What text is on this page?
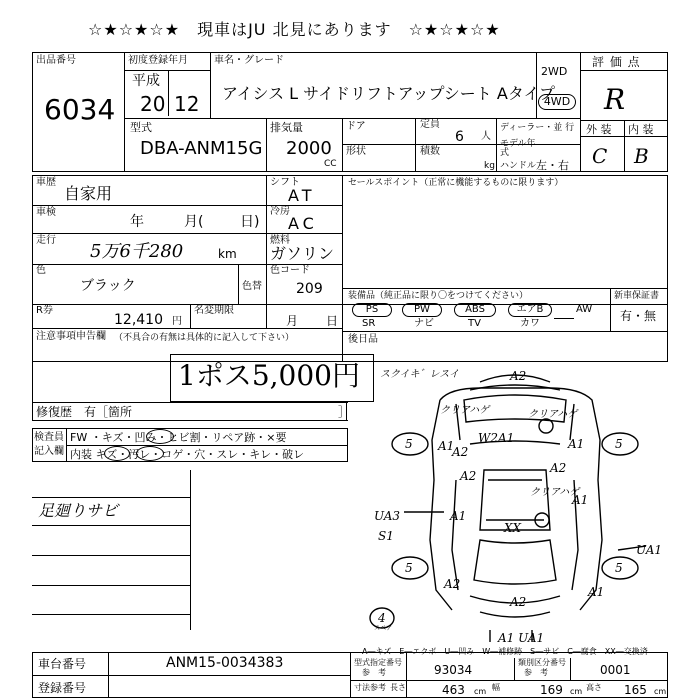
☆★☆★☆★　現車はJU 北見にあります　☆★☆★☆★
出品番号
6034
初度登録年月
平成
20 12
車名・グレード
アイシス L サイドリフトアップシート Aタイプ
2WD
4WD
評 価 点
R
型式
DBA-ANM15G
排気量
2000
CC
ドア	定員
6 人
ディーラー・並 行
形状	積数
kg
モデル年式
ハンドル 左・右
外 装 内 装
C B
車歴
自家用
車検
年	月(	日)
走行
5万6千280	km
色
ブラック	色替
シフト
AT
冷房
AC
燃料
ガソリン
色コード
209
R券
12,410 円
名変期限
月 日
セールスポイント（正常に機能するものに限ります）
装備品（純正品に限り〇をつけてください）	新車保証書
有・無
PS	PW	ABS	エアB	AW
SR	ナビ	TV	カワ
後日品
注意事項申告欄 （不具合の有無は具体的に記入して下さい）
1ポス5,000円
修復歴　有［箇所	］
検査員
記入欄
FW ・キズ・凹み・ヒビ割・リペア跡・×要
内装 キズ・汚レ・コゲ・穴・スレ・キレ・破レ
足廻りサビ
5	5
5	5
4
スクイキ゛レスイ	A2
クリアハゲ
W2A1
クリアハゲ
A1
A2
A1
A1
A2
UA3
S1
A2
クリアハゲ
XX
A1
UA1
A2
A2
A1
A1 UA1
スペア
A―キズ　E―エクボ　U―凹み　W―補修跡　S―サビ　C―腐食　XX―交換済
車台番号	ANM15-0034383
登録番号
型式指定番号
参　考	93034
類別区分番号
参　考	0001
寸法参考 長さ	463 cm 幅	169 cm 高さ 165 cm
